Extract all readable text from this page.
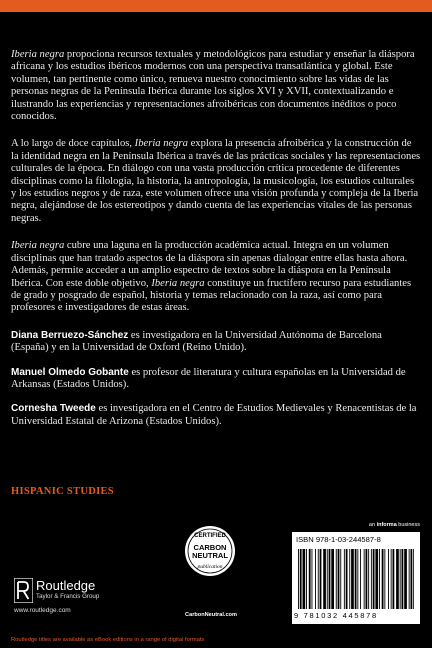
Iberia negra propociona recursos textuales y metodológicos para estudiar y enseñar la diáspora africana y los estudios ibéricos modernos con una perspectiva transatlántica y global. Este volumen, tan pertinente como único, renueva nuestro conocimiento sobre las vidas de las personas negras de la Península Ibérica durante los siglos XVI y XVII, contextualizando e ilustrando las experiencias y representaciones afroibéricas con documentos inéditos o poco conocidos.

A lo largo de doce capítulos, Iberia negra explora la presencia afroibérica y la construcción de la identidad negra en la Península Ibérica a través de las prácticas sociales y las representaciones culturales de la época. En diálogo con una vasta producción crítica procedente de diferentes disciplinas como la filología, la historia, la antropología, la musicología, los estudios culturales y los estudios negros y de raza, este volumen ofrece una visión profunda y compleja de la Iberia negra, alejándose de los estereotipos y dando cuenta de las experiencias vitales de las personas negras.

Iberia negra cubre una laguna en la producción académica actual. Integra en un volumen disciplinas que han tratado aspectos de la diáspora sin apenas dialogar entre ellas hasta ahora. Además, permite acceder a un amplio espectro de textos sobre la diáspora en la Península Ibérica. Con este doble objetivo, Iberia negra constituye un fructífero recurso para estudiantes de grado y posgrado de español, historia y temas relacionado con la raza, así como para profesores e investigadores de estas áreas.

Diana Berruezo-Sánchez es investigadora en la Universidad Autónoma de Barcelona (España) y en la Universidad de Oxford (Reino Unido).

Manuel Olmedo Gobante es profesor de literatura y cultura españolas en la Universidad de Arkansas (Estados Unidos).

Cornesha Tweede es investigadora en el Centro de Estudios Medievales y Renacentistas de la Universidad Estatal de Arizona (Estados Unidos).

HISPANIC STUDIES
Routledge
Taylor & Francis Group
www.routledge.com
CERTIFIED
CARBON
NEUTRAL
publication
CarbonNeutral.com
an informa business
ISBN 978-1-03-244587-8
9 781032 445878
Routledge titles are available as eBook editions in a range of digital formats
